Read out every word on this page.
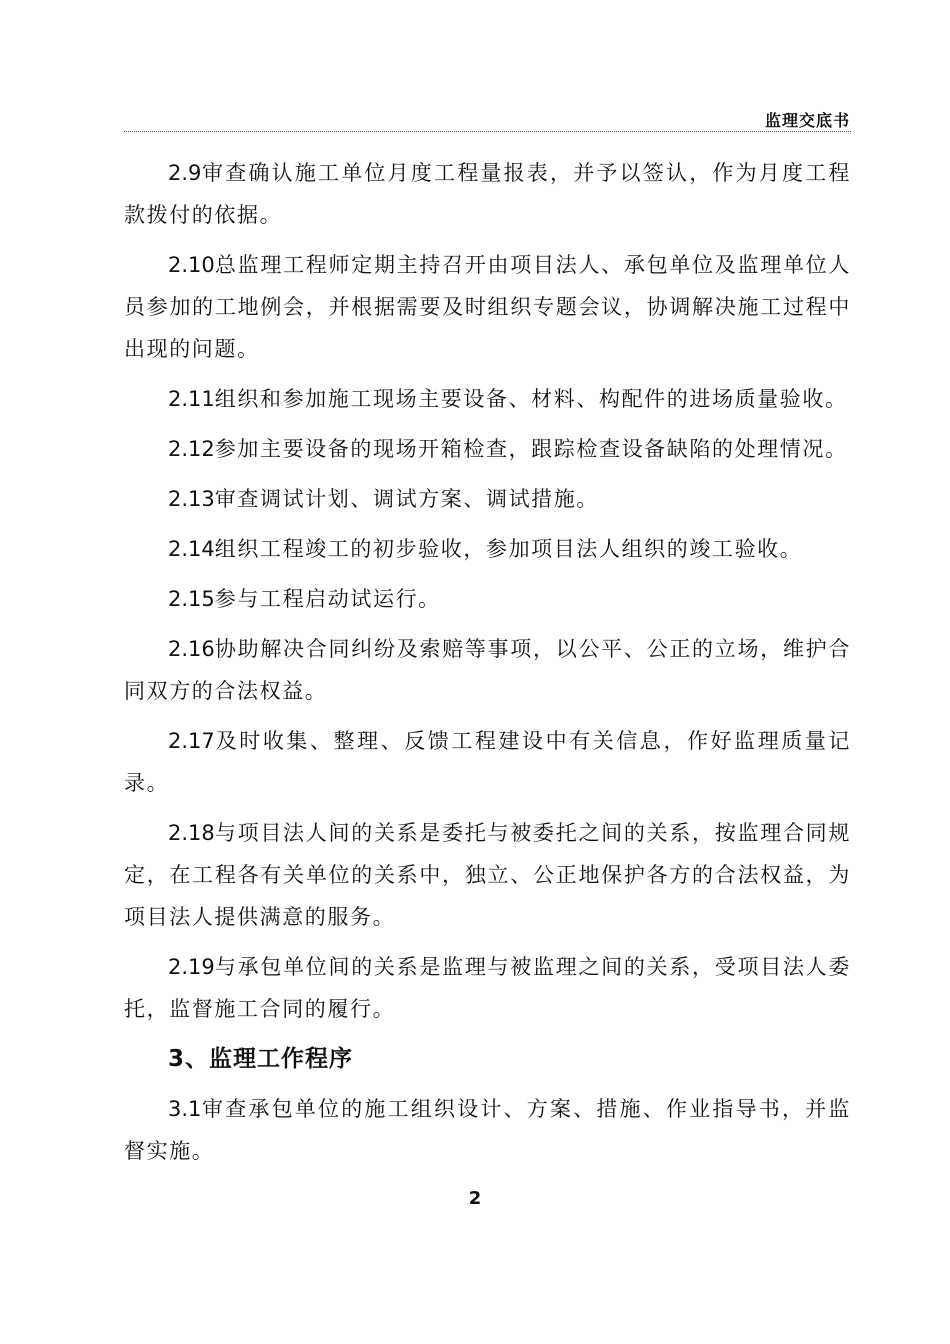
监理交底书

2.9审查确认施工单位月度工程量报表，并予以签认，作为月度工程款拨付的依据。

2.10总监理工程师定期主持召开由项目法人、承包单位及监理单位人员参加的工地例会，并根据需要及时组织专题会议，协调解决施工过程中出现的问题。

2.11组织和参加施工现场主要设备、材料、构配件的进场质量验收。

2.12参加主要设备的现场开箱检查，跟踪检查设备缺陷的处理情况。

2.13审查调试计划、调试方案、调试措施。

2.14组织工程竣工的初步验收，参加项目法人组织的竣工验收。

2.15参与工程启动试运行。

2.16协助解决合同纠纷及索赔等事项，以公平、公正的立场，维护合同双方的合法权益。

2.17及时收集、整理、反馈工程建设中有关信息，作好监理质量记录。

2.18与项目法人间的关系是委托与被委托之间的关系，按监理合同规定，在工程各有关单位的关系中，独立、公正地保护各方的合法权益，为项目法人提供满意的服务。

2.19与承包单位间的关系是监理与被监理之间的关系，受项目法人委托，监督施工合同的履行。

3、监理工作程序

3.1审查承包单位的施工组织设计、方案、措施、作业指导书，并监督实施。

2
